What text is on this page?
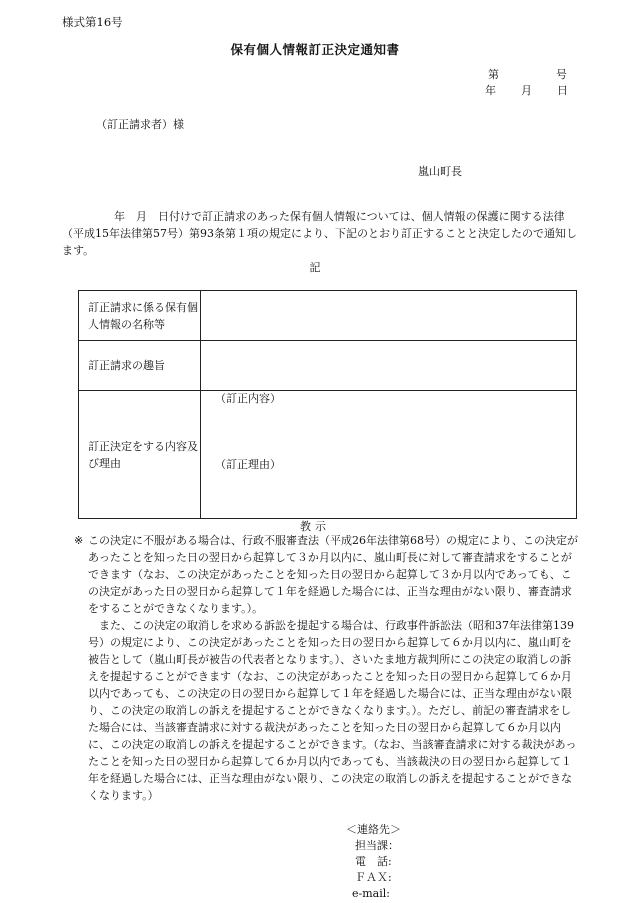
様式第16号
保有個人情報訂正決定通知書
第	号
年 月 日
（訂正請求者）様
嵐山町長

年　月　日付けで訂正請求のあった保有個人情報については、個人情報の保護に関する法律（平成15年法律第57号）第93条第１項の規定により、下記のとおり訂正することと決定したので通知します。

記
訂正請求に係る保有個人情報の名称等	
訂正請求の趣旨	
訂正決定をする内容及び理由	（訂正内容）
（訂正理由）
教示

※ この決定に不服がある場合は、行政不服審査法（平成26年法律第68号）の規定により、この決定があったことを知った日の翌日から起算して３か月以内に、嵐山町長に対して審査請求をすることができます（なお、この決定があったことを知った日の翌日から起算して３か月以内であっても、この決定があった日の翌日から起算して１年を経過した場合には、正当な理由がない限り、審査請求をすることができなくなります。）。

また、この決定の取消しを求める訴訟を提起する場合は、行政事件訴訟法（昭和37年法律第139号）の規定により、この決定があったことを知った日の翌日から起算して６か月以内に、嵐山町を被告として（嵐山町長が被告の代表者となります。）、さいたま地方裁判所にこの決定の取消しの訴えを提起することができます（なお、この決定があったことを知った日の翌日から起算して６か月以内であっても、この決定の日の翌日から起算して１年を経過した場合には、正当な理由がない限り、この決定の取消しの訴えを提起することができなくなります。）。ただし、前記の審査請求をした場合には、当該審査請求に対する裁決があったことを知った日の翌日から起算して６か月以内に、この決定の取消しの訴えを提起することができます。（なお、当該審査請求に対する裁決があったことを知った日の翌日から起算して６か月以内であっても、当該裁決の日の翌日から起算して１年を経過した場合には、正当な理由がない限り、この決定の取消しの訴えを提起することができなくなります。）

＜連絡先＞
担当課：
電　話:
ＦＡＸ:
e-mail:
